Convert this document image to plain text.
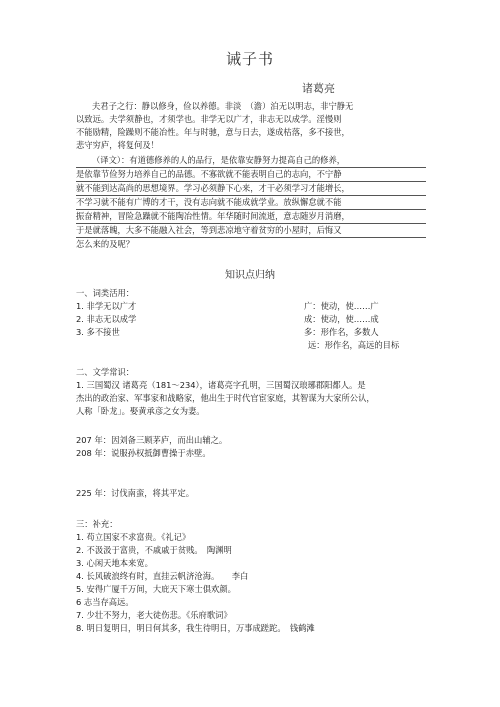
诫子书
诸葛亮
夫君子之行：静以修身，俭以养德。非淡　（澹）泊无以明志，非宁静无
以致远。夫学须静也，才须学也。非学无以广才，非志无以成学。淫慢则
不能励精，险躁则不能冶性。年与时驰，意与日去，遂成枯落，多不接世，
悲守穷庐，将复何及！
（译文）：有道德修养的人的品行，是依靠安静努力提高自己的修养，
是依靠节俭努力培养自己的品德。不寡欲就不能表明自己的志向，不宁静
就不能到达高尚的思想境界。学习必须静下心来，才干必须学习才能增长，
不学习就不能有广博的才干，没有志向就不能成就学业。放纵懈怠就不能
振奋精神，冒险急躁就不能陶冶性情。年华随时间流逝，意志随岁月消磨，
于是就落魄，大多不能融入社会，等到悲凉地守着贫穷的小屋时，后悔又
怎么来的及呢？
知识点归纳
一、词类活用：
1. 非学无以广才	广：使动，使……广
2. 非志无以成学	成：使动，使……成
3. 多不接世	多：形作名，多数人
远：形作名，高远的目标
二、文学常识：
1. 三国蜀汉 诸葛亮（181～234），诸葛亮字孔明，三国蜀汉琅琊郡阳都人。是
杰出的政治家、军事家和战略家，他出生于时代官宦家庭，其智谋为大家所公认，
人称「卧龙」。娶黄承彦之女为妻。
207 年：因刘备三顾茅庐，而出山辅之。
208 年：说服孙权抵御曹操于赤壁。
225 年：讨伐南蛮，将其平定。
三：补充：
1. 苟立国家不求富贵。《礼记》
2. 不汲汲于富贵，不戚戚于贫贱。　陶渊明
3. 心闲天地本来宽。
4. 长风破浪终有时，直挂云帆济沧海。　　李白
5. 安得广厦千万间，大庇天下寒士俱欢颜。
6 志当存高远。
7. 少壮不努力，老大徒伤悲。《乐府歌词》
8. 明日复明日，明日何其多，我生待明日，万事成蹉跎。　钱鹤滩
